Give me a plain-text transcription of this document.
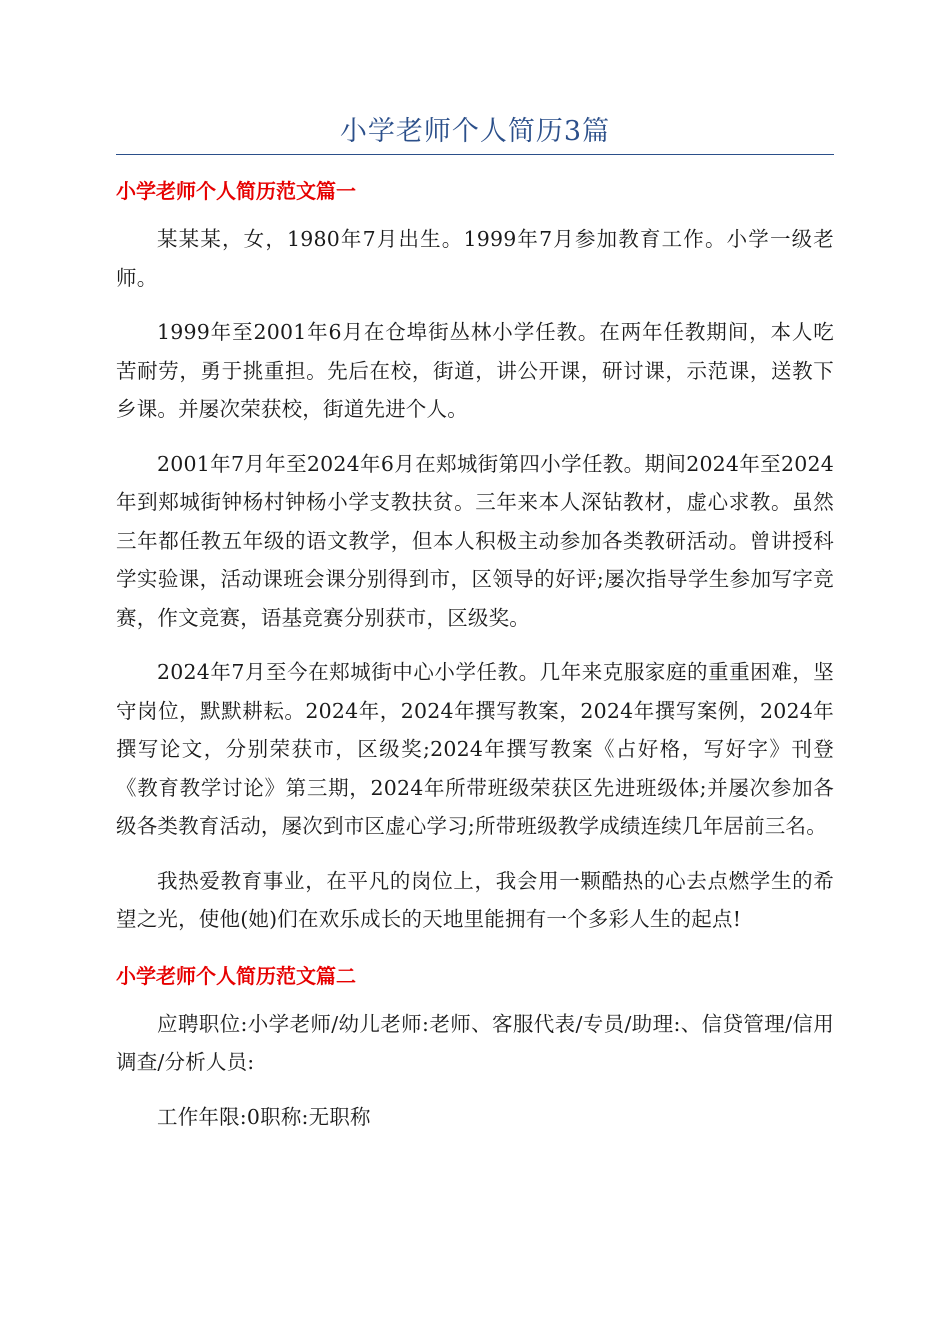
小学老师个人简历3篇
小学老师个人简历范文篇一

某某某，女，1980年7月出生。1999年7月参加教育工作。小学一级老师。

1999年至2001年6月在仓埠街丛林小学任教。在两年任教期间，本人吃苦耐劳，勇于挑重担。先后在校，街道，讲公开课，研讨课，示范课，送教下乡课。并屡次荣获校，街道先进个人。

2001年7月年至2024年6月在郏城街第四小学任教。期间2024年至2024年到郏城街钟杨村钟杨小学支教扶贫。三年来本人深钻教材，虚心求教。虽然三年都任教五年级的语文教学，但本人积极主动参加各类教研活动。曾讲授科学实验课，活动课班会课分别得到市，区领导的好评;屡次指导学生参加写字竞赛，作文竞赛，语基竞赛分别获市，区级奖。

2024年7月至今在郏城街中心小学任教。几年来克服家庭的重重困难，坚守岗位，默默耕耘。2024年，2024年撰写教案，2024年撰写案例，2024年撰写论文，分别荣获市，区级奖;2024年撰写教案《占好格，写好字》刊登《教育教学讨论》第三期，2024年所带班级荣获区先进班级体;并屡次参加各级各类教育活动，屡次到市区虚心学习;所带班级教学成绩连续几年居前三名。

我热爱教育事业，在平凡的岗位上，我会用一颗酷热的心去点燃学生的希望之光，使他(她)们在欢乐成长的天地里能拥有一个多彩人生的起点!

小学老师个人简历范文篇二

应聘职位:小学老师/幼儿老师:老师、客服代表/专员/助理:、信贷管理/信用调查/分析人员:

工作年限:0职称:无职称
